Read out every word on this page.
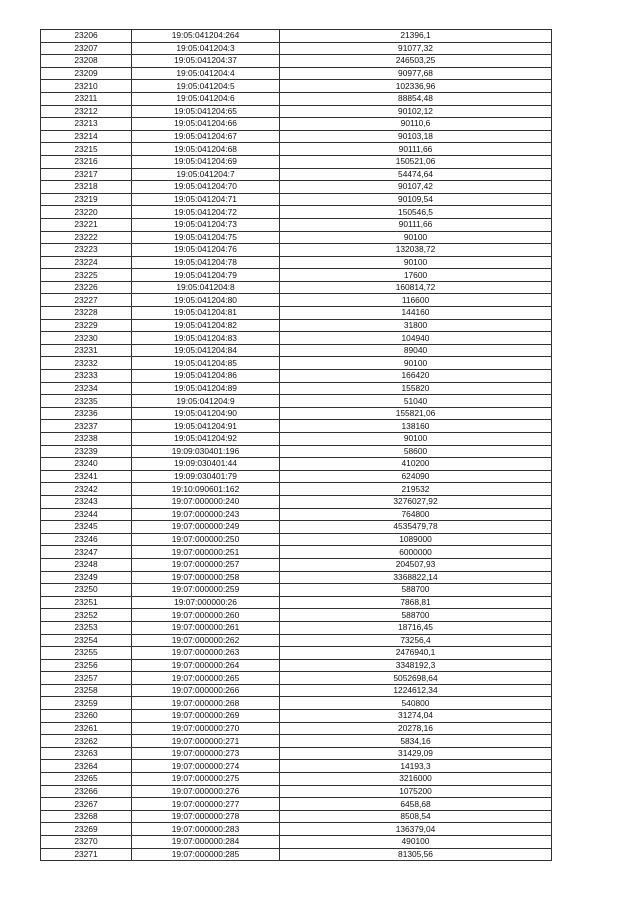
23206	19:05:041204:264	21396,1
23207	19:05:041204:3	91077,32
23208	19:05:041204:37	246503,25
23209	19:05:041204:4	90977,68
23210	19:05:041204:5	102336,96
23211	19:05:041204:6	88854,48
23212	19:05:041204:65	90102,12
23213	19:05:041204:66	90110,6
23214	19:05:041204:67	90103,18
23215	19:05:041204:68	90111,66
23216	19:05:041204:69	150521,06
23217	19:05:041204:7	54474,64
23218	19:05:041204:70	90107,42
23219	19:05:041204:71	90109,54
23220	19:05:041204:72	150546,5
23221	19:05:041204:73	90111,66
23222	19:05:041204:75	90100
23223	19:05:041204:76	132038,72
23224	19:05:041204:78	90100
23225	19:05:041204:79	17600
23226	19:05:041204:8	160814,72
23227	19:05:041204:80	116600
23228	19:05:041204:81	144160
23229	19:05:041204:82	31800
23230	19:05:041204:83	104940
23231	19:05:041204:84	89040
23232	19:05:041204:85	90100
23233	19:05:041204:86	166420
23234	19:05:041204:89	155820
23235	19:05:041204:9	51040
23236	19:05:041204:90	155821,06
23237	19:05:041204:91	138160
23238	19:05:041204:92	90100
23239	19:09:030401:196	58600
23240	19:09:030401:44	410200
23241	19:09:030401:79	624090
23242	19:10:090601:162	219532
23243	19:07:000000:240	3276027,92
23244	19:07:000000:243	764800
23245	19:07:000000:249	4535479,78
23246	19:07:000000:250	1089000
23247	19:07:000000:251	6000000
23248	19:07:000000:257	204507,93
23249	19:07:000000:258	3368822,14
23250	19:07:000000:259	588700
23251	19:07:000000:26	7868,81
23252	19:07:000000:260	588700
23253	19:07:000000:261	18716,45
23254	19:07:000000:262	73256,4
23255	19:07:000000:263	2476940,1
23256	19:07:000000:264	3348192,3
23257	19:07:000000:265	5052698,64
23258	19:07:000000:266	1224612,34
23259	19:07:000000:268	540800
23260	19:07:000000:269	31274,04
23261	19:07:000000:270	20278,16
23262	19:07:000000:271	5834,16
23263	19:07:000000:273	31429,09
23264	19:07:000000:274	14193,3
23265	19:07:000000:275	3216000
23266	19:07:000000:276	1075200
23267	19:07:000000:277	6458,68
23268	19:07:000000:278	8508,54
23269	19:07:000000:283	136379,04
23270	19:07:000000:284	490100
23271	19:07:000000:285	81305,56
